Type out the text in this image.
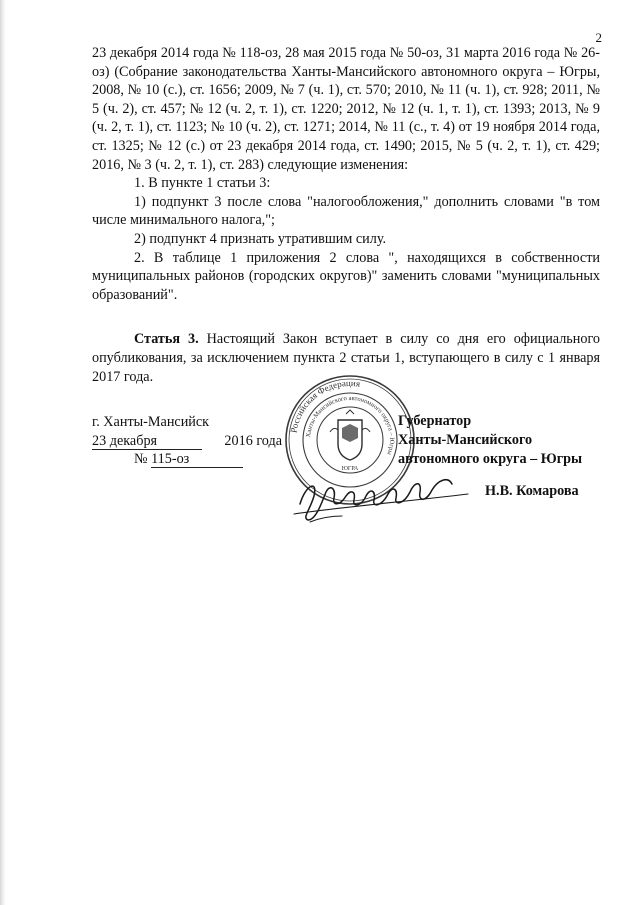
2

23 декабря 2014 года № 118-оз, 28 мая 2015 года № 50-оз, 31 марта 2016 года № 26-оз) (Собрание законодательства Ханты-Мансийского автономного округа – Югры, 2008, № 10 (с.), ст. 1656; 2009, № 7 (ч. 1), ст. 570; 2010, № 11 (ч. 1), ст. 928; 2011, № 5 (ч. 2), ст. 457; № 12 (ч. 2, т. 1), ст. 1220; 2012, № 12 (ч. 1, т. 1), ст. 1393; 2013, № 9 (ч. 2, т. 1), ст. 1123; № 10 (ч. 2), ст. 1271; 2014, № 11 (с., т. 4) от 19 ноября 2014 года, ст. 1325; № 12 (с.) от 23 декабря 2014 года, ст. 1490; 2015, № 5 (ч. 2, т. 1), ст. 429; 2016, № 3 (ч. 2, т. 1), ст. 283) следующие изменения:

1. В пункте 1 статьи 3:

1) подпункт 3 после слова "налогообложения," дополнить словами "в том числе минимального налога,";

2) подпункт 4 признать утратившим силу.

2. В таблице 1 приложения 2 слова ", находящихся в собственности муниципальных районов (городских округов)" заменить словами "муниципальных образований".

Статья 3. Настоящий Закон вступает в силу со дня его официального опубликования, за исключением пункта 2 статьи 1, вступающего в силу с 1 января 2017 года.

г. Ханты-Мансийск
23 декабря	2016 года
№ 115-оз
Российская Федерация
Ханты-Мансийского автономного округа – Югры
ЮГРА
Губернатор
Ханты-Мансийского
автономного округа – Югры
Н.В. Комарова
